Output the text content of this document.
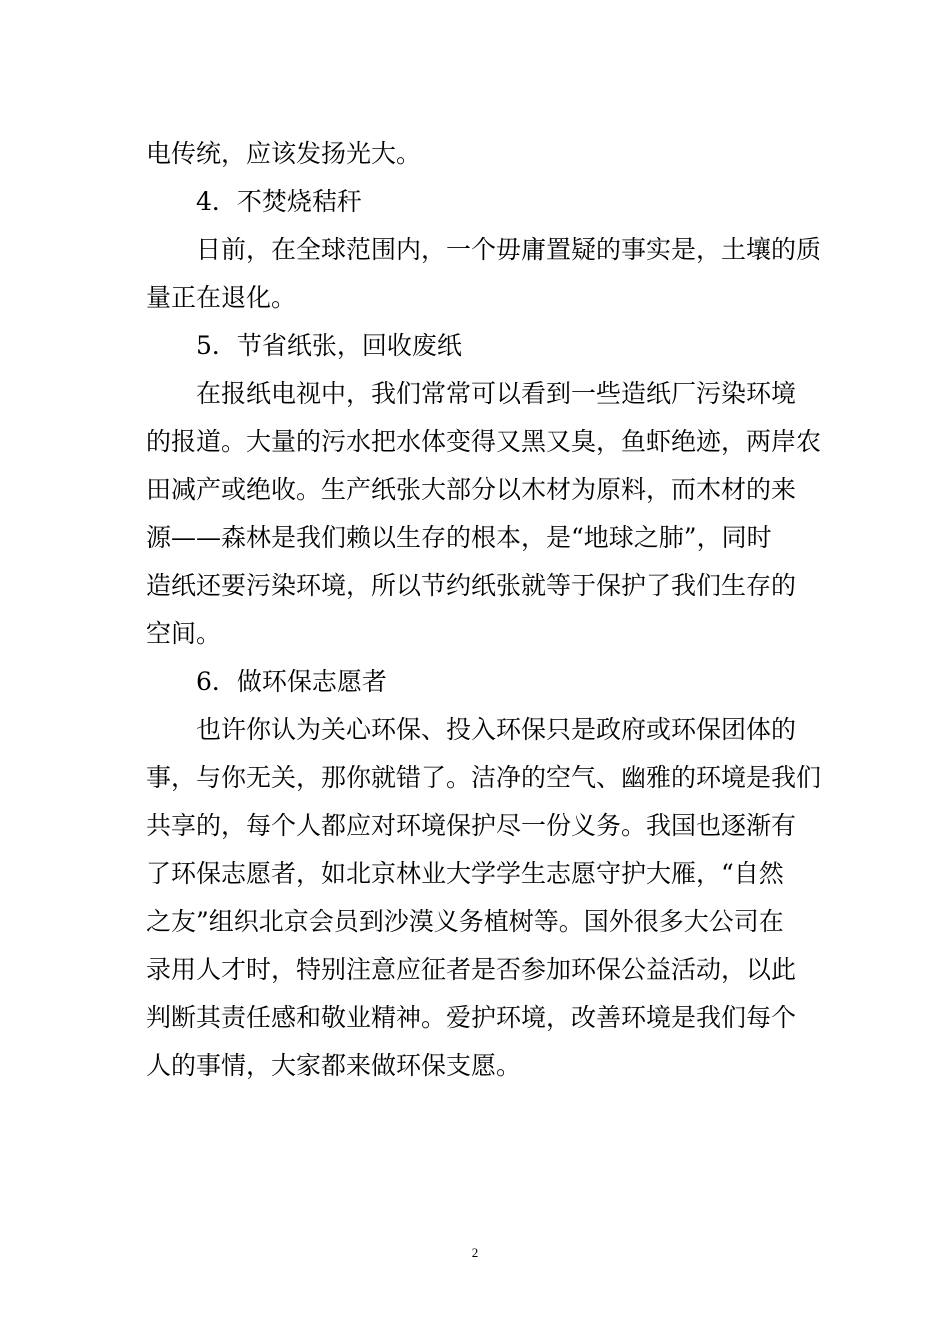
电传统，应该发扬光大。
4．不焚烧秸秆
日前，在全球范围内，一个毋庸置疑的事实是，土壤的质
量正在退化。
5．节省纸张，回收废纸
在报纸电视中，我们常常可以看到一些造纸厂污染环境
的报道。大量的污水把水体变得又黑又臭，鱼虾绝迹，两岸农
田减产或绝收。生产纸张大部分以木材为原料，而木材的来
源——森林是我们赖以生存的根本，是“地球之肺”，同时
造纸还要污染环境，所以节约纸张就等于保护了我们生存的
空间。
6．做环保志愿者
也许你认为关心环保、投入环保只是政府或环保团体的
事，与你无关，那你就错了。洁净的空气、幽雅的环境是我们
共享的，每个人都应对环境保护尽一份义务。我国也逐渐有
了环保志愿者，如北京林业大学学生志愿守护大雁，“自然
之友”组织北京会员到沙漠义务植树等。国外很多大公司在
录用人才时，特别注意应征者是否参加环保公益活动，以此
判断其责任感和敬业精神。爱护环境，改善环境是我们每个
人的事情，大家都来做环保支愿。
2
